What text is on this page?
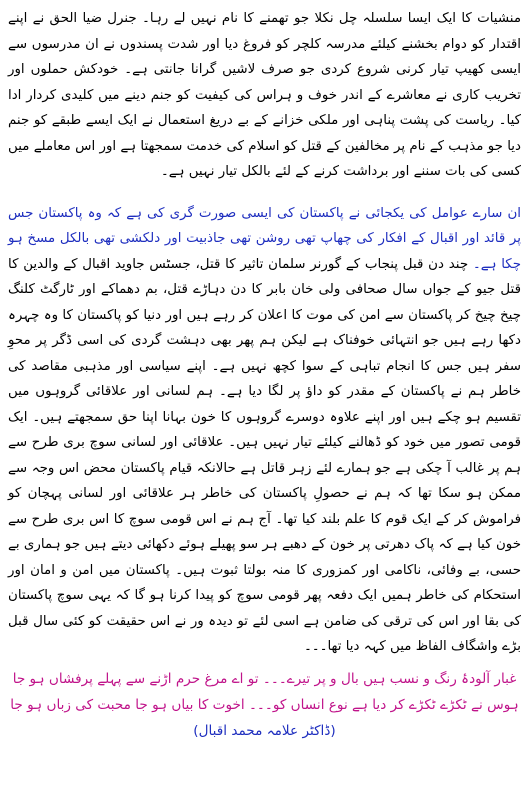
منشیات کا ایک ایسا سلسلہ چل نکلا جو تھمنے کا نام نہیں لے رہا۔ جنرل ضیا الحق نے اپنے اقتدار کو دوام بخشنے کیلئے مدرسہ کلچر کو فروغ دیا اور شدت پسندوں نے ان مدرسوں سے ایسی کھیپ تیار کرنی شروع کردی جو صرف لاشیں گرانا جانتی ہے۔ خودکش حملوں اور تخریب کاری نے معاشرے کے اندر خوف و ہراس کی کیفیت کو جنم دینے میں کلیدی کردار ادا کیا۔ ریاست کی پشت پناہی اور ملکی خزانے کے بے دریغ استعمال نے ایک ایسے طبقے کو جنم دیا جو مذہب کے نام پر مخالفین کے قتل کو اسلام کی خدمت سمجھتا ہے اور اس معاملے میں کسی کی بات سننے اور برداشت کرنے کے لئے بالکل تیار نہیں ہے۔

ان سارے عوامل کی یکجائی نے پاکستان کی ایسی صورت گری کی ہے کہ وہ پاکستان جس پر قائد اور اقبال کے افکار کی چھاپ تھی روشن تھی جاذبیت اور دلکشی تھی بالکل مسخ ہو چکا ہے۔ چند دن قبل پنجاب کے گورنر سلمان تاثیر کا قتل، جسٹس جاوید اقبال کے والدین کا قتل جیو کے جواں سال صحافی ولی خان بابر کا دن دہاڑے قتل، بم دھماکے اور ٹارگٹ کلنگ چیخ چیخ کر پاکستان سے امن کی موت کا اعلان کر رہے ہیں اور دنیا کو پاکستان کا وہ چہرہ دکھا رہے ہیں جو انتہائی خوفناک ہے لیکن ہم پھر بھی دہشت گردی کی اسی ڈگر پر محوِ سفر ہیں جس کا انجام تباہی کے سوا کچھ نہیں ہے۔ اپنے سیاسی اور مذہبی مقاصد کی خاطر ہم نے پاکستان کے مقدر کو داؤ پر لگا دیا ہے۔ ہم لسانی اور علاقائی گروہوں میں تقسیم ہو چکے ہیں اور اپنے علاوہ دوسرے گروہوں کا خون بہانا اپنا حق سمجھتے ہیں۔ ایک قومی تصور میں خود کو ڈھالنے کیلئے تیار نہیں ہیں۔ علاقائی اور لسانی سوچ بری طرح سے ہم پر غالب آ چکی ہے جو ہمارے لئے زہر قاتل ہے حالانکہ قیام پاکستان محض اس وجہ سے ممکن ہو سکا تھا کہ ہم نے حصولِ پاکستان کی خاطر ہر علاقائی اور لسانی پہچان کو فراموش کر کے ایک قوم کا علم بلند کیا تھا۔ آج ہم نے اس قومی سوچ کا اس بری طرح سے خون کیا ہے کہ پاک دھرتی پر خون کے دھبے ہر سو پھیلے ہوئے دکھائی دیتے ہیں جو ہماری بے حسی، بے وفائی، ناکامی اور کمزوری کا منہ بولتا ثبوت ہیں۔ پاکستان میں امن و امان اور استحکام کی خاطر ہمیں ایک دفعہ پھر قومی سوچ کو پیدا کرنا ہو گا کہ یہی سوچ پاکستان کی بقا اور اس کی ترقی کی ضامن ہے اسی لئے تو دیدہ ور نے اس حقیقت کو کئی سال قبل بڑے واشگاف الفاظ میں کہہ دیا تھا۔۔۔

غبار آلودۂ رنگ و نسب ہیں بال و پر تیرے۔۔۔ تو اے مرغ حرم اڑنے سے پہلے پرفشاں ہو جا
ہوس نے ٹکڑے ٹکڑے کر دیا ہے نوع انساں کو۔۔۔ اخوت کا بیاں ہو جا محبت کی زباں ہو جا
(ڈاکٹر علامہ محمد اقبال)
